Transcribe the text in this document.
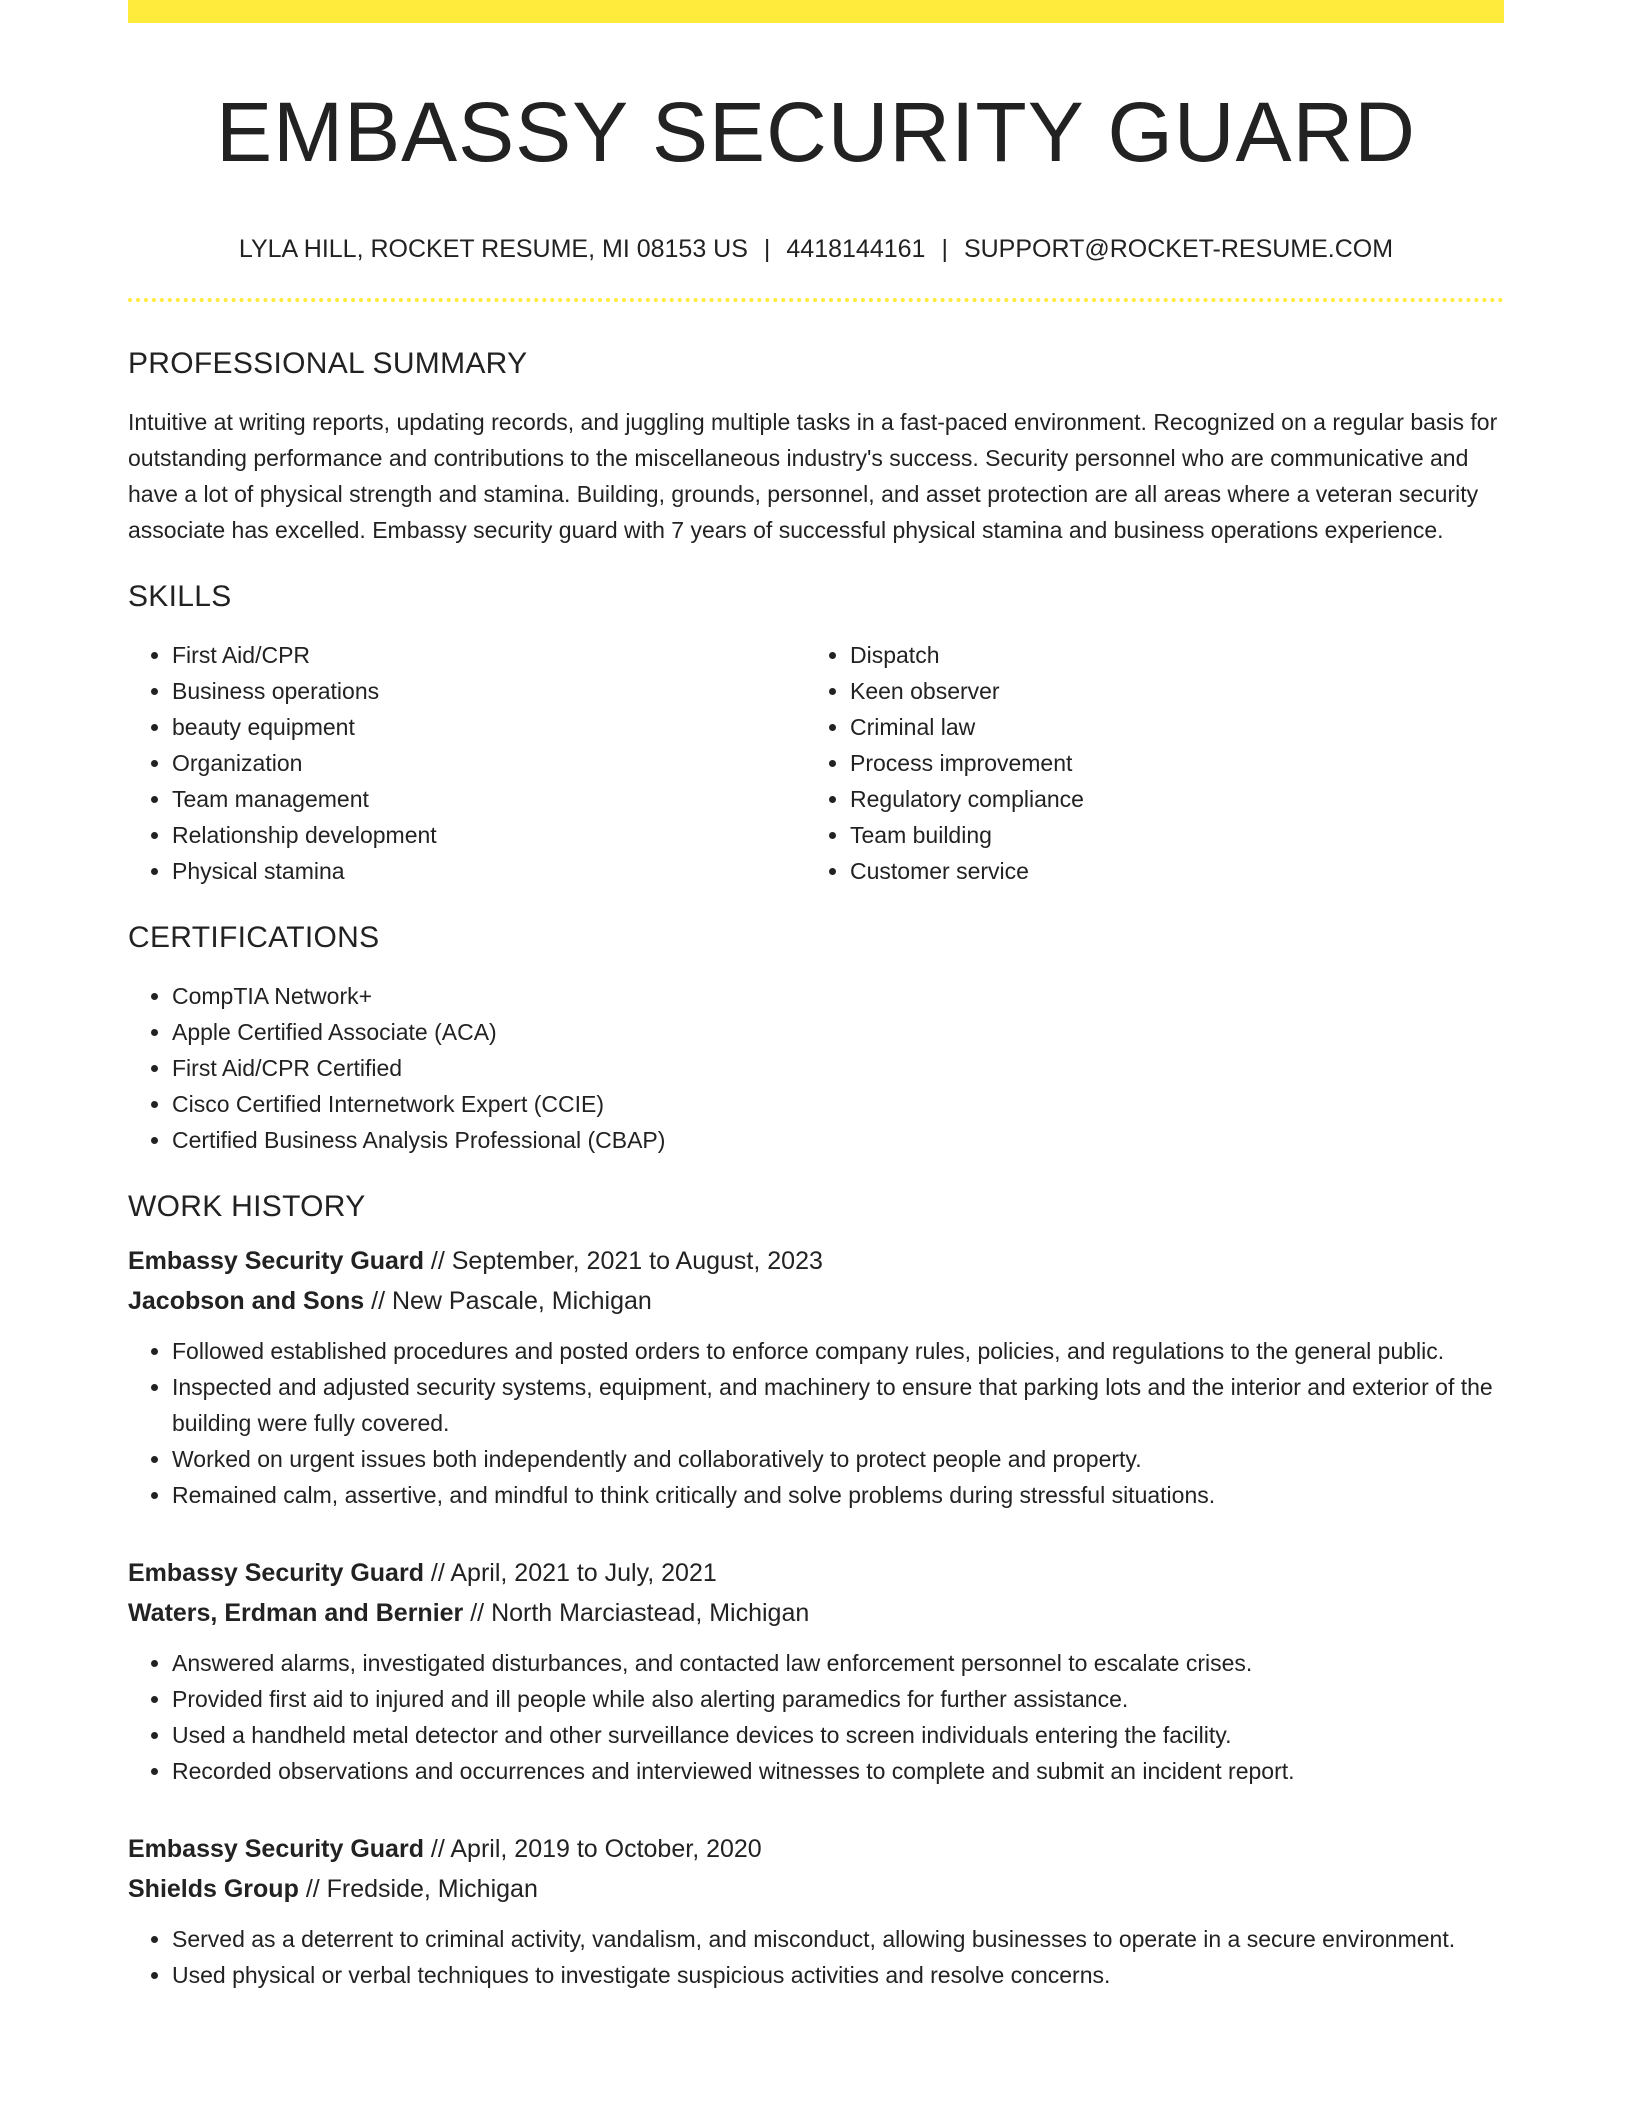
EMBASSY SECURITY GUARD
LYLA HILL, ROCKET RESUME, MI 08153 US | 4418144161 | SUPPORT@ROCKET-RESUME.COM
PROFESSIONAL SUMMARY

Intuitive at writing reports, updating records, and juggling multiple tasks in a fast-paced environment. Recognized on a regular basis for outstanding performance and contributions to the miscellaneous industry's success. Security personnel who are communicative and have a lot of physical strength and stamina. Building, grounds, personnel, and asset protection are all areas where a veteran security associate has excelled. Embassy security guard with 7 years of successful physical stamina and business operations experience.

SKILLS
• First Aid/CPR
• Business operations
• beauty equipment
• Organization
• Team management
• Relationship development
• Physical stamina
• Dispatch
• Keen observer
• Criminal law
• Process improvement
• Regulatory compliance
• Team building
• Customer service
CERTIFICATIONS
• CompTIA Network+
• Apple Certified Associate (ACA)
• First Aid/CPR Certified
• Cisco Certified Internetwork Expert (CCIE)
• Certified Business Analysis Professional (CBAP)
WORK HISTORY
Embassy Security Guard // September, 2021 to August, 2023
Jacobson and Sons // New Pascale, Michigan
• Followed established procedures and posted orders to enforce company rules, policies, and regulations to the general public.
• Inspected and adjusted security systems, equipment, and machinery to ensure that parking lots and the interior and exterior of the building were fully covered.
• Worked on urgent issues both independently and collaboratively to protect people and property.
• Remained calm, assertive, and mindful to think critically and solve problems during stressful situations.
Embassy Security Guard // April, 2021 to July, 2021
Waters, Erdman and Bernier // North Marciastead, Michigan
• Answered alarms, investigated disturbances, and contacted law enforcement personnel to escalate crises.
• Provided first aid to injured and ill people while also alerting paramedics for further assistance.
• Used a handheld metal detector and other surveillance devices to screen individuals entering the facility.
• Recorded observations and occurrences and interviewed witnesses to complete and submit an incident report.
Embassy Security Guard // April, 2019 to October, 2020
Shields Group // Fredside, Michigan
• Served as a deterrent to criminal activity, vandalism, and misconduct, allowing businesses to operate in a secure environment.
• Used physical or verbal techniques to investigate suspicious activities and resolve concerns.
